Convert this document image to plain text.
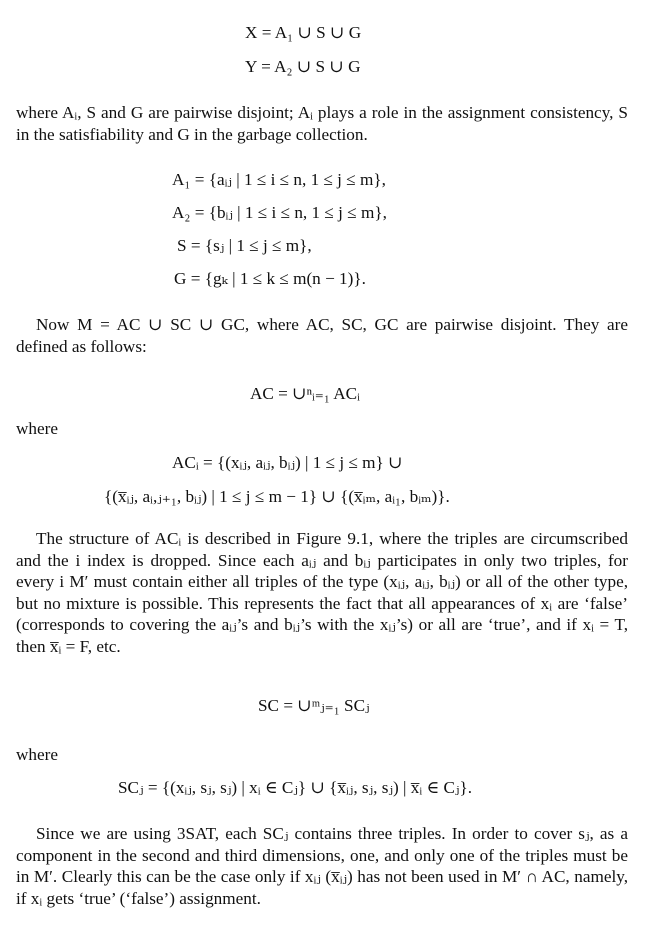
X = A₁ ∪ S ∪ G
Y = A₂ ∪ S ∪ G
where Aᵢ, S and G are pairwise disjoint; Aᵢ plays a role in the assignment consistency, S in the satisfiability and G in the garbage collection.
A₁ = {aᵢⱼ | 1 ≤ i ≤ n, 1 ≤ j ≤ m},
A₂ = {bᵢⱼ | 1 ≤ i ≤ n, 1 ≤ j ≤ m},
S = {sⱼ | 1 ≤ j ≤ m},
G = {gₖ | 1 ≤ k ≤ m(n − 1)}.
Now M = AC ∪ SC ∪ GC, where AC, SC, GC are pairwise disjoint. They are defined as follows:
AC = ∪ⁿᵢ₌₁ ACᵢ
where
ACᵢ = {(xᵢⱼ, aᵢⱼ, bᵢⱼ) | 1 ≤ j ≤ m} ∪
{(x̅ᵢⱼ, aᵢ,ⱼ₊₁, bᵢⱼ) | 1 ≤ j ≤ m − 1} ∪ {(x̅ᵢₘ, aᵢ₁, bᵢₘ)}.
The structure of ACᵢ is described in Figure 9.1, where the triples are circumscribed and the i index is dropped. Since each aᵢⱼ and bᵢⱼ participates in only two triples, for every i M′ must contain either all triples of the type (xᵢⱼ, aᵢⱼ, bᵢⱼ) or all of the other type, but no mixture is possible. This represents the fact that all appearances of xᵢ are ‘false’ (corresponds to covering the aᵢⱼ’s and bᵢⱼ’s with the xᵢⱼ’s) or all are ‘true’, and if xᵢ = T, then x̅ᵢ = F, etc.
SC = ∪ᵐⱼ₌₁ SCⱼ
where
SCⱼ = {(xᵢⱼ, sⱼ, sⱼ) | xᵢ ∈ Cⱼ} ∪ {x̅ᵢⱼ, sⱼ, sⱼ) | x̅ᵢ ∈ Cⱼ}.
Since we are using 3SAT, each SCⱼ contains three triples. In order to cover sⱼ, as a component in the second and third dimensions, one, and only one of the triples must be in M′. Clearly this can be the case only if xᵢⱼ (x̅ᵢⱼ) has not been used in M′ ∩ AC, namely, if xᵢ gets ‘true’ (‘false’) assignment.
